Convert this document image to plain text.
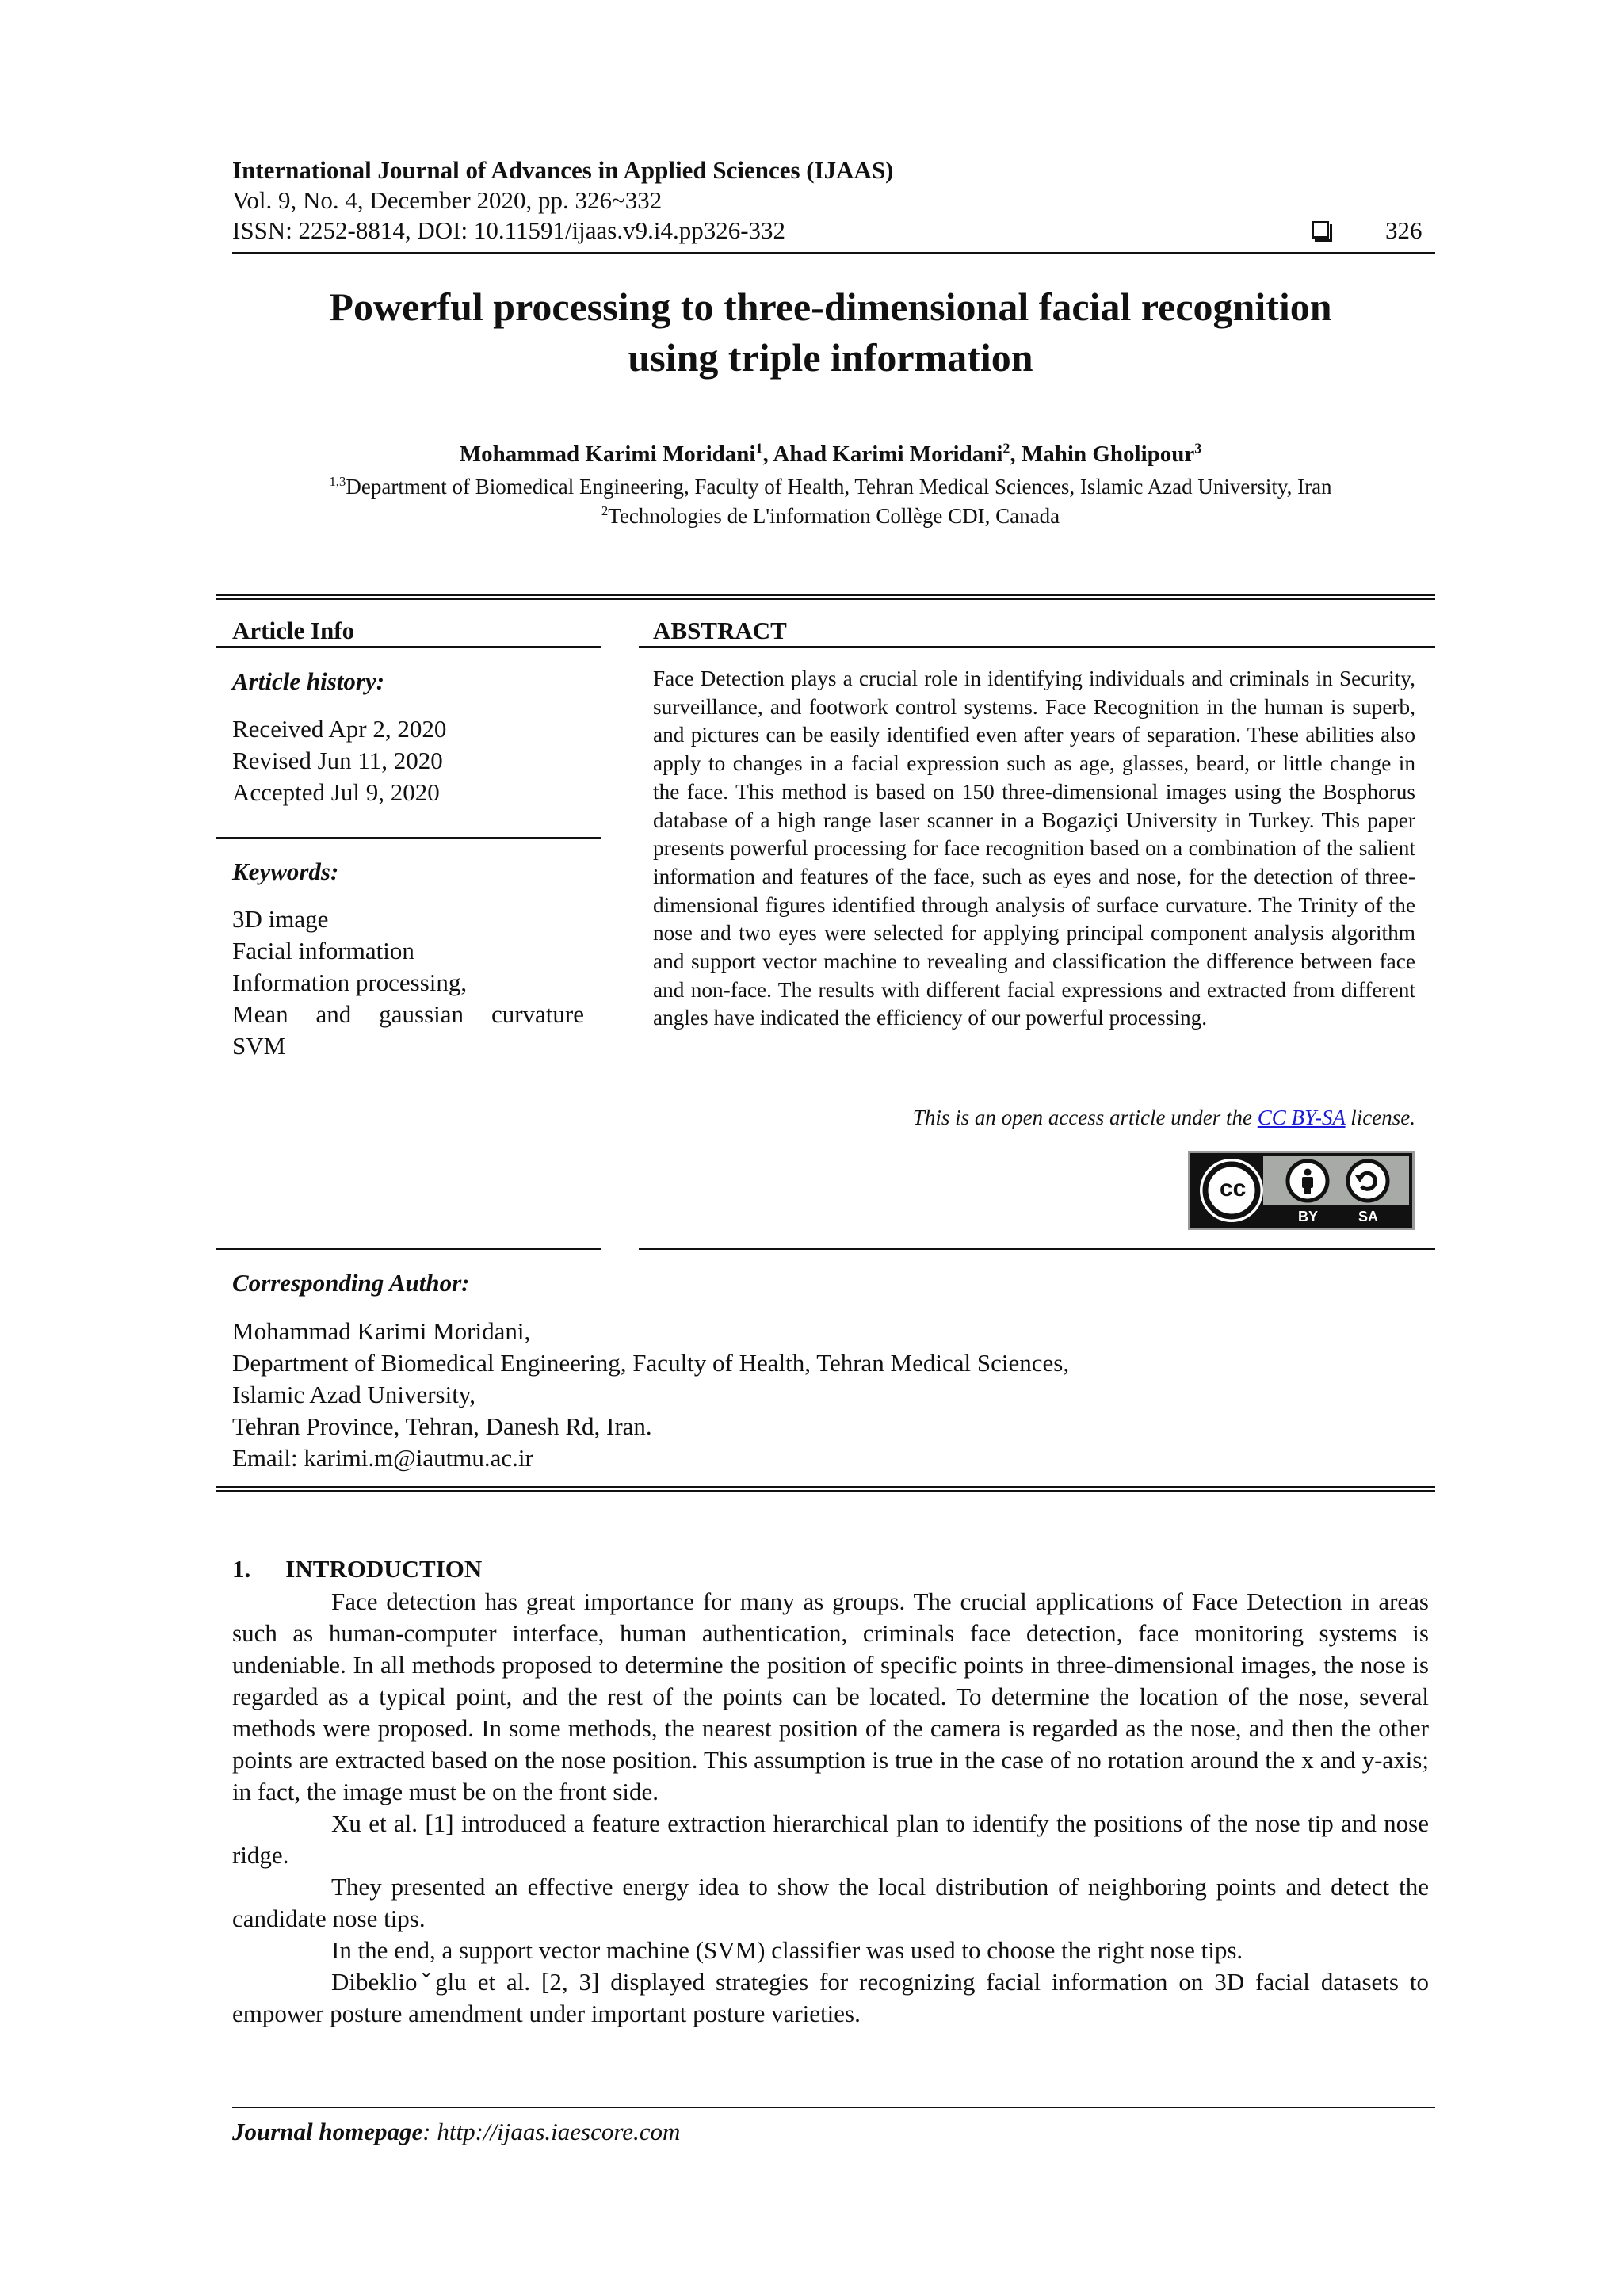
International Journal of Advances in Applied Sciences (IJAAS)
Vol. 9, No. 4, December 2020, pp. 326~332
ISSN: 2252-8814, DOI: 10.11591/ijaas.v9.i4.pp326-332	326
Powerful processing to three-dimensional facial recognition
using triple information
Mohammad Karimi Moridani$^1$, Ahad Karimi Moridani$^2$, Mahin Gholipour$^3$
$^{1,3}$Department of Biomedical Engineering, Faculty of Health, Tehran Medical Sciences, Islamic Azad University, Iran
$^2$Technologies de L'information Collège CDI, Canada
Article Info
Article history:
Received Apr 2, 2020
Revised Jun 11, 2020
Accepted Jul 9, 2020
Keywords:
3D image
Facial information
Information processing,
Mean and gaussian curvature
SVM
ABSTRACT
Face Detection plays a crucial role in identifying individuals and criminals in Security, surveillance, and footwork control systems. Face Recognition in the human is superb, and pictures can be easily identified even after years of separation. These abilities also apply to changes in a facial expression such as age, glasses, beard, or little change in the face. This method is based on 150 three-dimensional images using the Bosphorus database of a high range laser scanner in a Bogaziçi University in Turkey. This paper presents powerful processing for face recognition based on a combination of the salient information and features of the face, such as eyes and nose, for the detection of three-dimensional figures identified through analysis of surface curvature. The Trinity of the nose and two eyes were selected for applying principal component analysis algorithm and support vector machine to revealing and classification the difference between face and non-face. The results with different facial expressions and extracted from different angles have indicated the efficiency of our powerful processing.
This is an open access article under the CC BY-SA license.
cc
BY	SA
Corresponding Author:
Mohammad Karimi Moridani,
Department of Biomedical Engineering, Faculty of Health, Tehran Medical Sciences,
Islamic Azad University,
Tehran Province, Tehran, Danesh Rd, Iran.
Email: karimi.m@iautmu.ac.ir
1. INTRODUCTION

Face detection has great importance for many as groups. The crucial applications of Face Detection in areas such as human-computer interface, human authentication, criminals face detection, face monitoring systems is undeniable. In all methods proposed to determine the position of specific points in three-dimensional images, the nose is regarded as a typical point, and the rest of the points can be located. To determine the location of the nose, several methods were proposed. In some methods, the nearest position of the camera is regarded as the nose, and then the other points are extracted based on the nose position. This assumption is true in the case of no rotation around the x and y-axis; in fact, the image must be on the front side.

Xu et al. [1] introduced a feature extraction hierarchical plan to identify the positions of the nose tip and nose ridge.

They presented an effective energy idea to show the local distribution of neighboring points and detect the candidate nose tips.

In the end, a support vector machine (SVM) classifier was used to choose the right nose tips.

Dibeklioˇglu et al. [2, 3] displayed strategies for recognizing facial information on 3D facial datasets to empower posture amendment under important posture varieties.

Journal homepage: http://ijaas.iaescore.com
